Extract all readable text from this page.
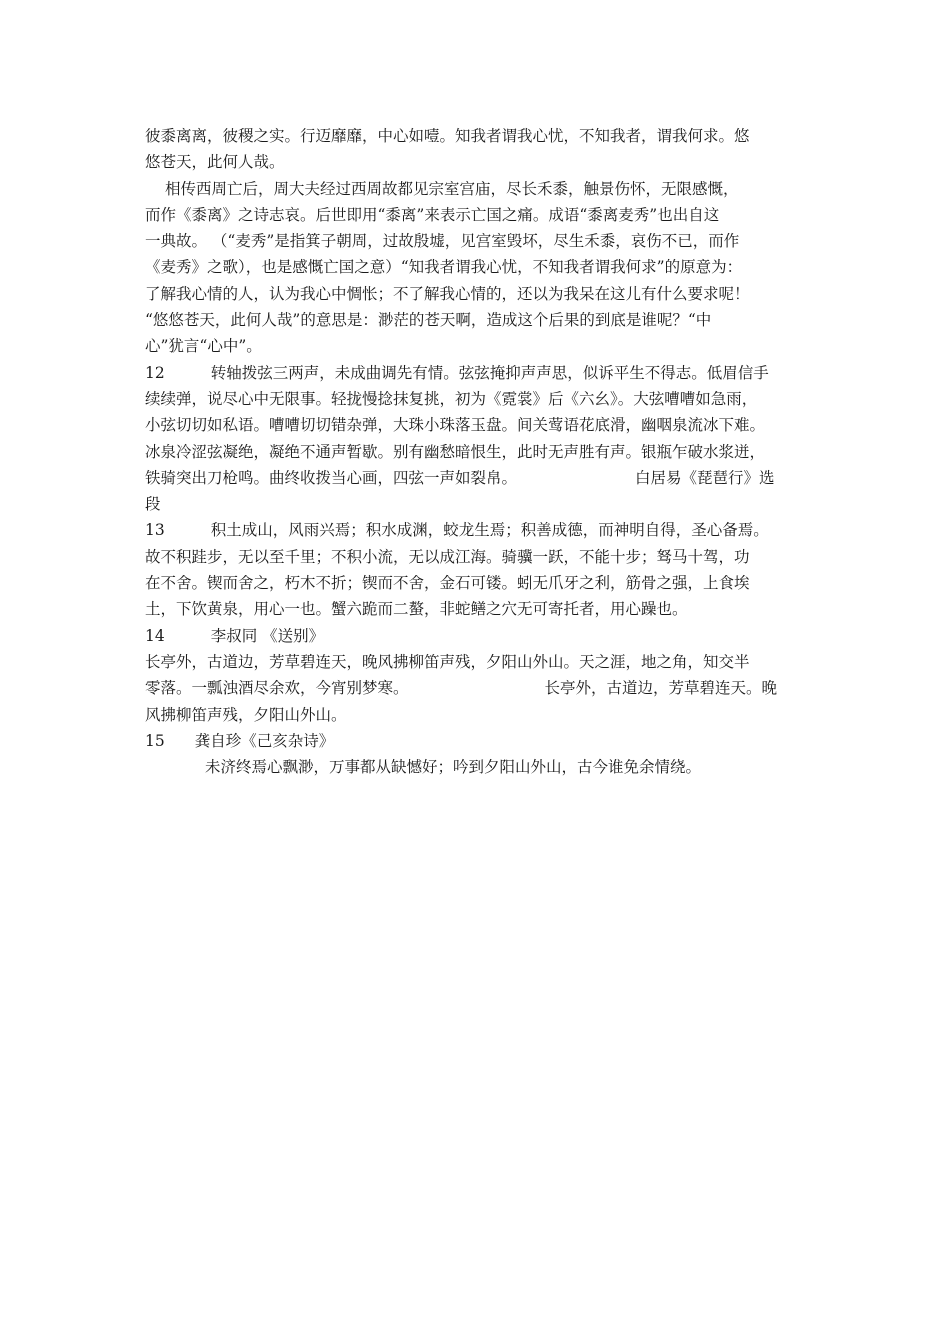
彼黍离离，彼稷之实。行迈靡靡，中心如噎。知我者谓我心忧，不知我者，谓我何求。悠
悠苍天，此何人哉。
相传西周亡后，周大夫经过西周故都见宗室宫庙，尽长禾黍，触景伤怀，无限感慨，
而作《黍离》之诗志哀。后世即用“黍离”来表示亡国之痛。成语“黍离麦秀”也出自这
一典故。 （“麦秀”是指箕子朝周，过故殷墟，见宫室毁坏，尽生禾黍，哀伤不已，而作
《麦秀》之歌），也是感慨亡国之意）“知我者谓我心忧，不知我者谓我何求”的原意为：
了解我心情的人，认为我心中惆怅；不了解我心情的，还以为我呆在这儿有什么要求呢！
“悠悠苍天，此何人哉”的意思是：渺茫的苍天啊，造成这个后果的到底是谁呢？“中
心”犹言“心中”。
12	转轴拨弦三两声，未成曲调先有情。弦弦掩抑声声思，似诉平生不得志。低眉信手
续续弹，说尽心中无限事。轻拢慢捻抹复挑，初为《霓裳》后《六幺》。大弦嘈嘈如急雨，
小弦切切如私语。嘈嘈切切错杂弹，大珠小珠落玉盘。间关莺语花底滑，幽咽泉流冰下难。
冰泉冷涩弦凝绝，凝绝不通声暂歇。别有幽愁暗恨生，此时无声胜有声。银瓶乍破水浆迸，
铁骑突出刀枪鸣。曲终收拨当心画，四弦一声如裂帛。	白居易《琵琶行》选
段
13	积土成山，风雨兴焉；积水成渊，蛟龙生焉；积善成德，而神明自得，圣心备焉。
故不积跬步，无以至千里；不积小流，无以成江海。骑骥一跃，不能十步；驽马十驾，功
在不舍。锲而舍之，朽木不折；锲而不舍，金石可镂。蚓无爪牙之利，筋骨之强，上食埃
土，下饮黄泉，用心一也。蟹六跪而二螯，非蛇鳝之穴无可寄托者，用心躁也。
14	李叔同 《送别》
长亭外，古道边，芳草碧连天，晚风拂柳笛声残，夕阳山外山。天之涯，地之角，知交半
零落。一瓢浊酒尽余欢，今宵别梦寒。	长亭外，古道边，芳草碧连天。晚
风拂柳笛声残，夕阳山外山。
15 龚自珍《己亥杂诗》
未济终焉心飘渺，万事都从缺憾好；吟到夕阳山外山，古今谁免余情绕。
